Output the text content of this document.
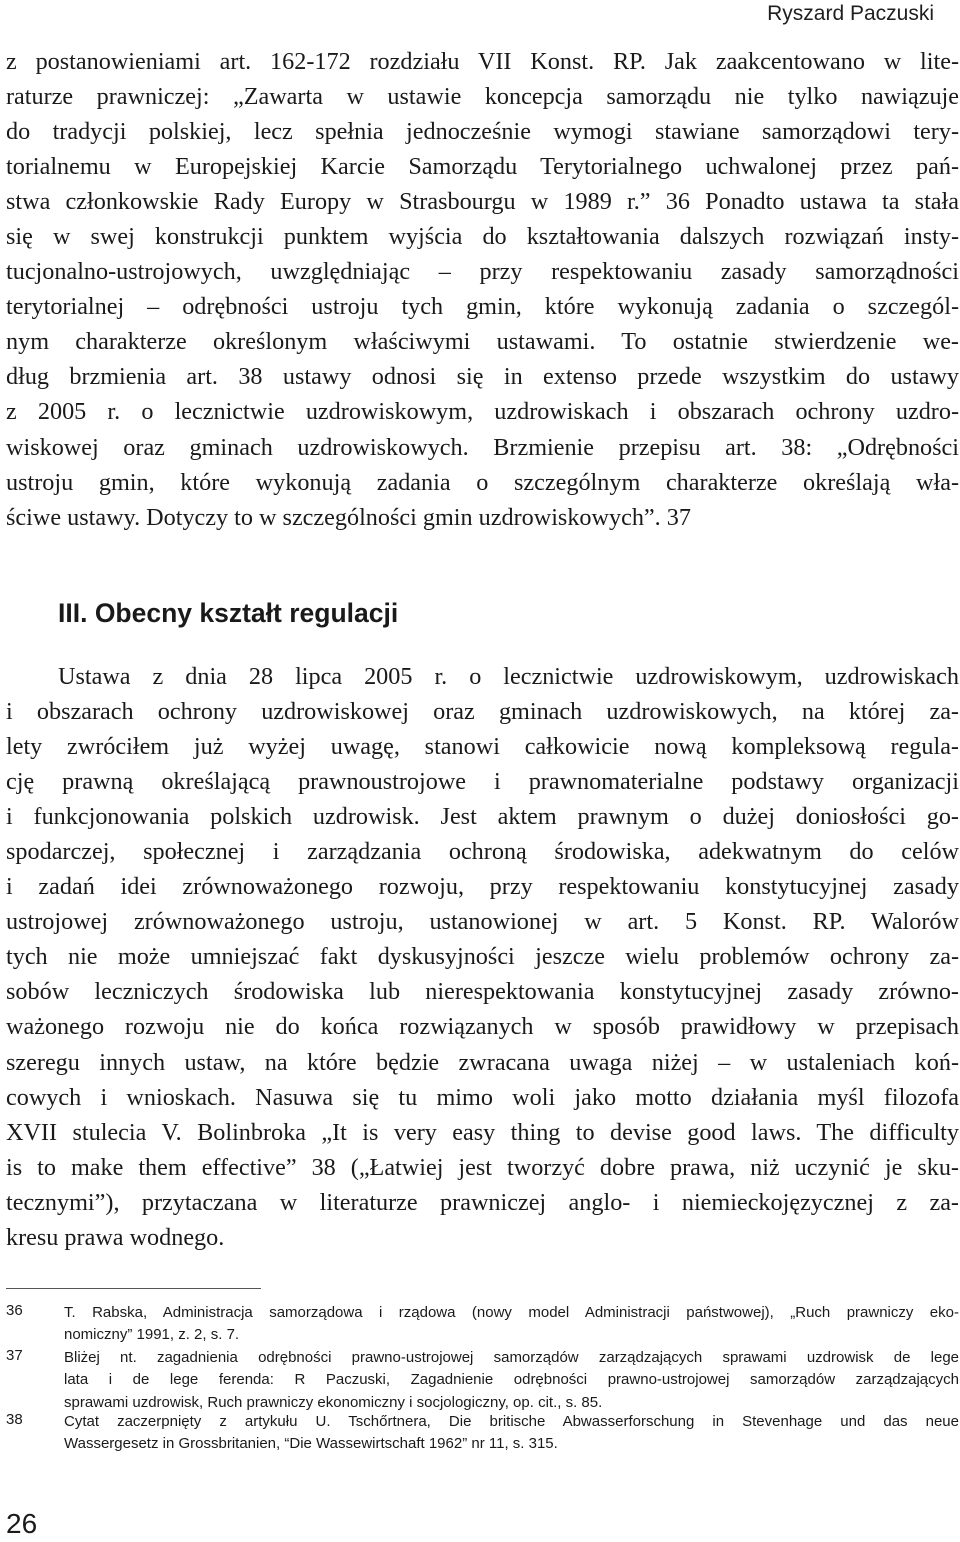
Ryszard Paczuski
z postanowieniami art. 162-172 rozdziału VII Konst. RP. Jak zaakcentowano w lite-
raturze prawniczej: „Zawarta w ustawie koncepcja samorządu nie tylko nawiązuje
do tradycji polskiej, lecz spełnia jednocześnie wymogi stawiane samorządowi tery-
torialnemu w Europejskiej Karcie Samorządu Terytorialnego uchwalonej przez pań-
stwa członkowskie Rady Europy w Strasbourgu w 1989 r.” 36 Ponadto ustawa ta stała
się w swej konstrukcji punktem wyjścia do kształtowania dalszych rozwiązań insty-
tucjonalno-ustrojowych, uwzględniając – przy respektowaniu zasady samorządności
terytorialnej – odrębności ustroju tych gmin, które wykonują zadania o szczegól-
nym charakterze określonym właściwymi ustawami. To ostatnie stwierdzenie we-
dług brzmienia art. 38 ustawy odnosi się in extenso przede wszystkim do ustawy
z 2005 r. o lecznictwie uzdrowiskowym, uzdrowiskach i obszarach ochrony uzdro-
wiskowej oraz gminach uzdrowiskowych. Brzmienie przepisu art. 38: „Odrębności
ustroju gmin, które wykonują zadania o szczególnym charakterze określają wła-
ściwe ustawy. Dotyczy to w szczególności gmin uzdrowiskowych”. 37
III. Obecny kształt regulacji
Ustawa z dnia 28 lipca 2005 r. o lecznictwie uzdrowiskowym, uzdrowiskach
i obszarach ochrony uzdrowiskowej oraz gminach uzdrowiskowych, na której za-
lety zwróciłem już wyżej uwagę, stanowi całkowicie nową kompleksową regula-
cję prawną określającą prawnoustrojowe i prawnomaterialne podstawy organizacji
i funkcjonowania polskich uzdrowisk. Jest aktem prawnym o dużej doniosłości go-
spodarczej, społecznej i zarządzania ochroną środowiska, adekwatnym do celów
i zadań idei zrównoważonego rozwoju, przy respektowaniu konstytucyjnej zasady
ustrojowej zrównoważonego ustroju, ustanowionej w art. 5 Konst. RP. Walorów
tych nie może umniejszać fakt dyskusyjności jeszcze wielu problemów ochrony za-
sobów leczniczych środowiska lub nierespektowania konstytucyjnej zasady zrówno-
ważonego rozwoju nie do końca rozwiązanych w sposób prawidłowy w przepisach
szeregu innych ustaw, na które będzie zwracana uwaga niżej – w ustaleniach koń-
cowych i wnioskach. Nasuwa się tu mimo woli jako motto działania myśl filozofa
XVII stulecia V. Bolinbroka „It is very easy thing to devise good laws. The difficulty
is to make them effective” 38 („Łatwiej jest tworzyć dobre prawa, niż uczynić je sku-
tecznymi”), przytaczana w literaturze prawniczej anglo- i niemieckojęzycznej z za-
kresu prawa wodnego.
36	T. Rabska, Administracja samorządowa i rządowa (nowy model Administracji państwowej), „Ruch prawniczy eko-
nomiczny” 1991, z. 2, s. 7.
37	Bliżej nt. zagadnienia odrębności prawno-ustrojowej samorządów zarządzających sprawami uzdrowisk de lege
lata i de lege ferenda: R Paczuski, Zagadnienie odrębności prawno-ustrojowej samorządów zarządzających
sprawami uzdrowisk, Ruch prawniczy ekonomiczny i socjologiczny, op. cit., s. 85.
38	Cytat zaczerpnięty z artykułu U. Tschőrtnera, Die britische Abwasserforschung in Stevenhage und das neue
Wassergesetz in Grossbritanien, “Die Wassewirtschaft 1962” nr 11, s. 315.
26
